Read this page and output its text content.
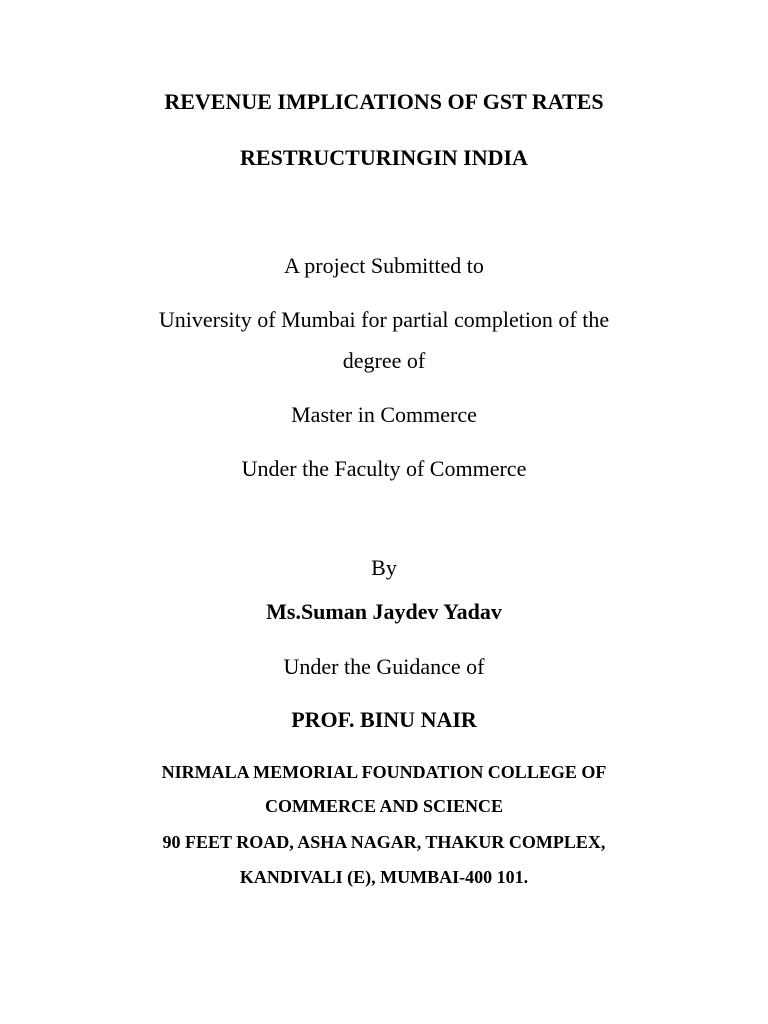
REVENUE IMPLICATIONS OF GST RATES
RESTRUCTURINGIN INDIA
A project Submitted to
University of Mumbai for partial completion of the
degree of
Master in Commerce
Under the Faculty of Commerce
By
Ms.Suman Jaydev Yadav
Under the Guidance of
PROF. BINU NAIR
NIRMALA MEMORIAL FOUNDATION COLLEGE OF
COMMERCE AND SCIENCE
90 FEET ROAD, ASHA NAGAR, THAKUR COMPLEX,
KANDIVALI (E), MUMBAI-400 101.
